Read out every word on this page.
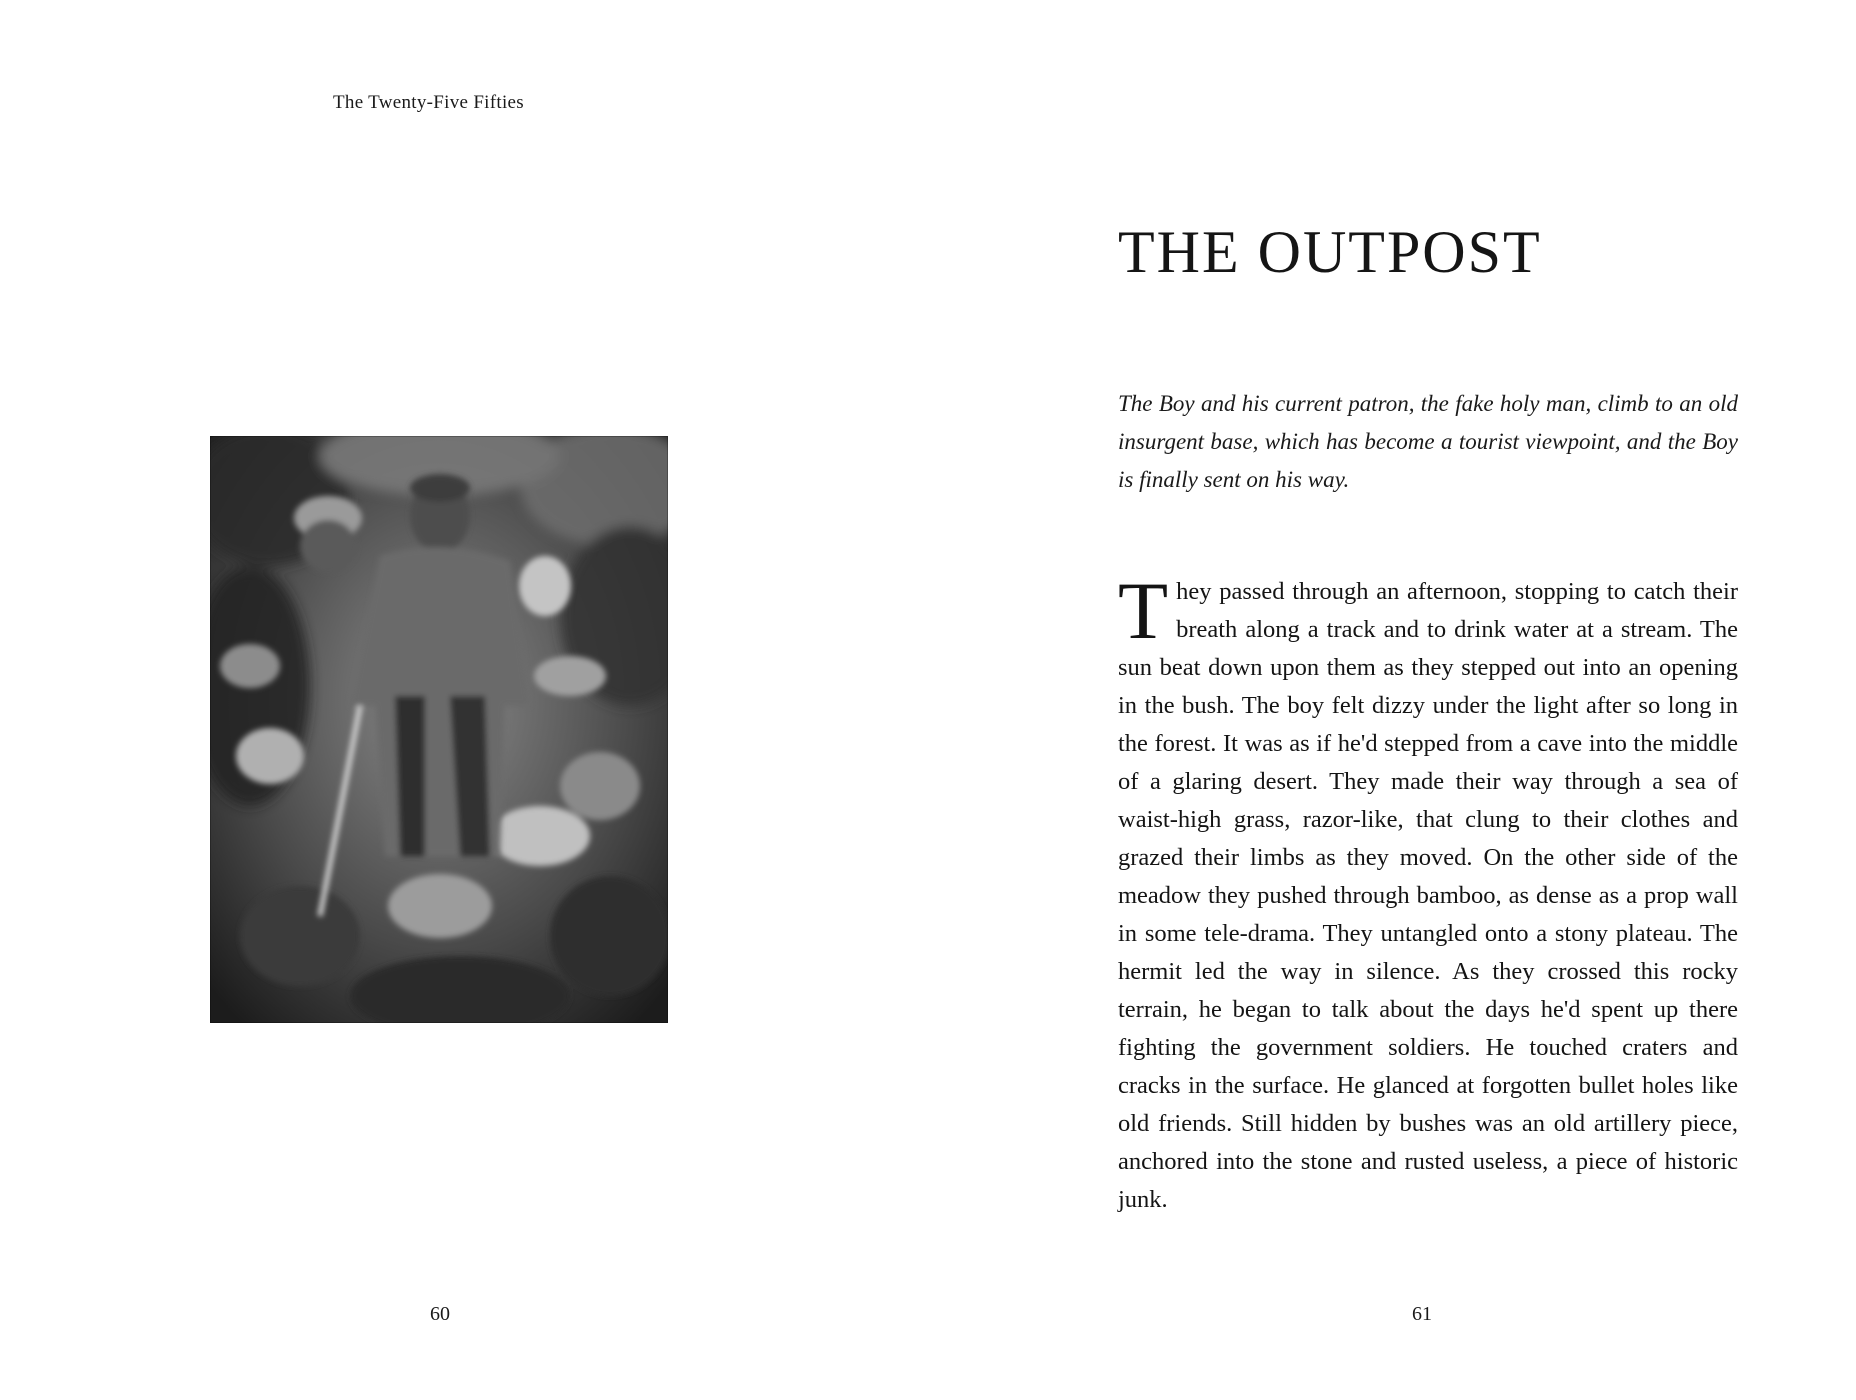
The Twenty-Five Fifties
60
THE OUTPOST

The Boy and his current patron, the fake holy man, climb to an old insurgent base, which has become a tourist viewpoint, and the Boy is finally sent on his way.

They passed through an afternoon, stopping to catch their breath along a track and to drink water at a stream. The sun beat down upon them as they stepped out into an opening in the bush. The boy felt dizzy under the light after so long in the forest. It was as if he'd stepped from a cave into the middle of a glaring desert. They made their way through a sea of waist-high grass, razor-like, that clung to their clothes and grazed their limbs as they moved. On the other side of the meadow they pushed through bamboo, as dense as a prop wall in some tele-drama. They untangled onto a stony plateau. The hermit led the way in silence. As they crossed this rocky terrain, he began to talk about the days he'd spent up there fighting the government soldiers. He touched craters and cracks in the surface. He glanced at forgotten bullet holes like old friends. Still hidden by bushes was an old artillery piece, anchored into the stone and rusted useless, a piece of historic junk.

61
